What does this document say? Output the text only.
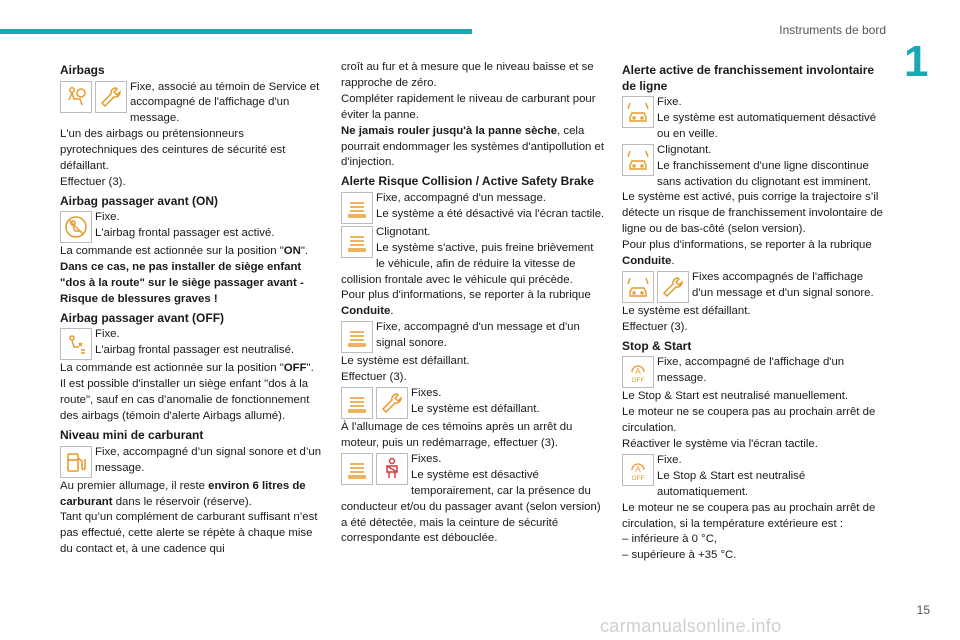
Instruments de bord
1
Airbags
Fixe, associé au témoin de Service et accompagné de l'affichage d'un message.

L'un des airbags ou prétensionneurs pyrotechniques des ceintures de sécurité est défaillant.

Effectuer (3).

Airbag passager avant (ON)
Fixe.
L'airbag frontal passager est activé.

La commande est actionnée sur la position "ON".

Dans ce cas, ne pas installer de siège enfant "dos à la route" sur le siège passager avant - Risque de blessures graves !

Airbag passager avant (OFF)
Fixe.
L'airbag frontal passager est neutralisé.

La commande est actionnée sur la position "OFF".

Il est possible d'installer un siège enfant "dos à la route", sauf en cas d'anomalie de fonctionnement des airbags (témoin d'alerte Airbags allumé).

Niveau mini de carburant
Fixe, accompagné d’un signal sonore et d’un message.

Au premier allumage, il reste environ 6 litres de carburant dans le réservoir (réserve).

Tant qu’un complément de carburant suffisant n’est pas effectué, cette alerte se répète à chaque mise du contact et, à une cadence qui

croît au fur et à mesure que le niveau baisse et se rapproche de zéro.

Compléter rapidement le niveau de carburant pour éviter la panne.

Ne jamais rouler jusqu'à la panne sèche, cela pourrait endommager les systèmes d'antipollution et d'injection.

Alerte Risque Collision / Active Safety Brake
Fixe, accompagné d'un message.
Le système a été désactivé via l'écran tactile.
Clignotant.
Le système s'active, puis freine brièvement le véhicule, afin de réduire la vitesse de collision frontale avec le véhicule qui précède.

Pour plus d'informations, se reporter à la rubrique Conduite.

Fixe, accompagné d'un message et d'un signal sonore.

Le système est défaillant.

Effectuer (3).

Fixes.
Le système est défaillant.

À l'allumage de ces témoins après un arrêt du moteur, puis un redémarrage, effectuer (3).

Fixes.
Le système est désactivé temporairement, car la présence du conducteur et/ou du passager avant (selon version) a été détectée, mais la ceinture de sécurité correspondante est débouclée.
Alerte active de franchissement involontaire de ligne
Fixe.
Le système est automatiquement désactivé ou en veille.
Clignotant.
Le franchissement d'une ligne discontinue sans activation du clignotant est imminent.

Le système est activé, puis corrige la trajectoire s’il détecte un risque de franchissement involontaire de ligne ou de bas-côté (selon version).

Pour plus d'informations, se reporter à la rubrique Conduite.

Fixes accompagnés de l'affichage d'un message et d'un signal sonore.

Le système est défaillant.

Effectuer (3).

Stop & Start
A
OFF
Fixe, accompagné de l'affichage d'un message.

Le Stop & Start est neutralisé manuellement.

Le moteur ne se coupera pas au prochain arrêt de circulation.

Réactiver le système via l'écran tactile.

A
OFF
Fixe.
Le Stop & Start est neutralisé automatiquement.

Le moteur ne se coupera pas au prochain arrêt de circulation, si la température extérieure est :

– inférieure à 0 °C,

– supérieure à +35 °C.

15
carmanualsonline.info
